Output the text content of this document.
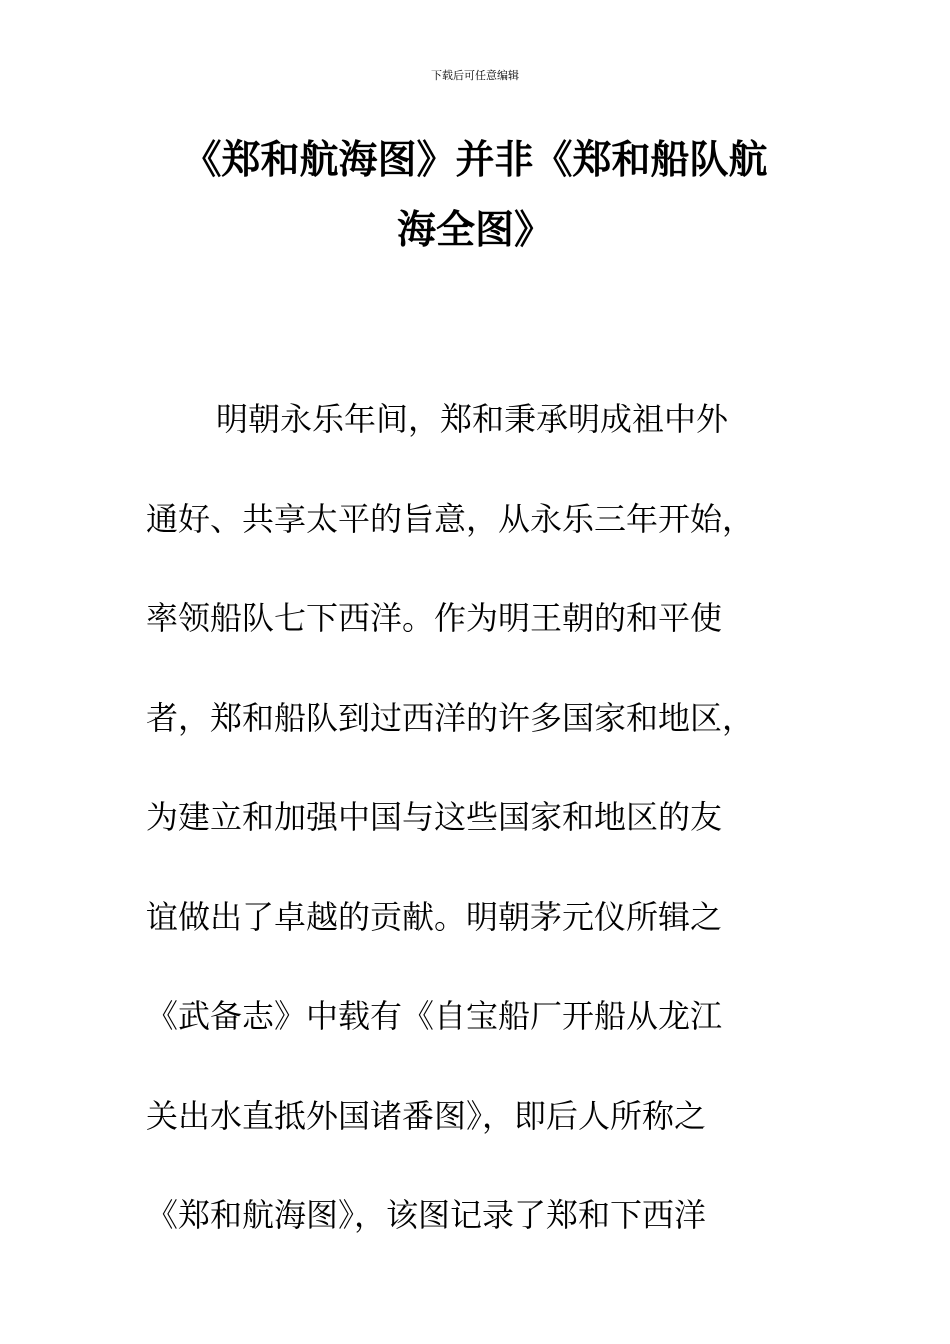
下载后可任意编辑
《郑和航海图》并非《郑和船队航
海全图》
明朝永乐年间，郑和秉承明成祖中外
通好、共享太平的旨意，从永乐三年开始，
率领船队七下西洋。作为明王朝的和平使
者，郑和船队到过西洋的许多国家和地区，
为建立和加强中国与这些国家和地区的友
谊做出了卓越的贡献。明朝茅元仪所辑之
《武备志》中载有《自宝船厂开船从龙江
关出水直抵外国诸番图》，即后人所称之
《郑和航海图》，该图记录了郑和下西洋
